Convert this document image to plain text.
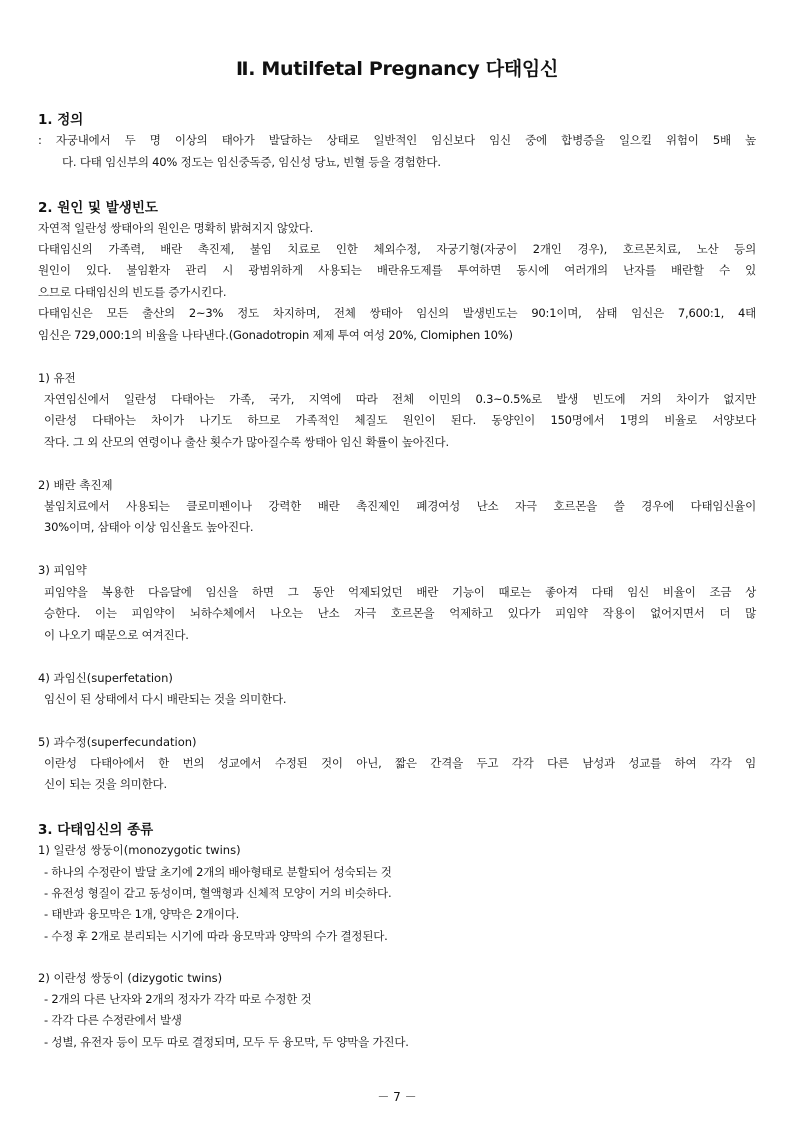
Ⅱ. Mutilfetal Pregnancy 다태임신
1. 정의
: 자궁내에서 두 명 이상의 태아가 발달하는 상태로 일반적인 임신보다 임신 중에 합병증을 일으킬 위험이 5배 높
다. 다태 임신부의 40% 정도는 임신중독증, 임신성 당뇨, 빈혈 등을 경험한다.
2. 원인 및 발생빈도
자연적 일란성 쌍태아의 원인은 명확히 밝혀지지 않았다.
다태임신의 가족력, 배란 촉진제, 불임 치료로 인한 체외수정, 자궁기형(자궁이 2개인 경우), 호르몬치료, 노산 등의
원인이 있다. 불임환자 관리 시 광범위하게 사용되는 배란유도제를 투여하면 동시에 여러개의 난자를 배란할 수 있
으므로 다태임신의 빈도를 증가시킨다.
다태임신은 모든 출산의 2~3% 정도 차지하며, 전체 쌍태아 임신의 발생빈도는 90:1이며, 삼태 임신은 7,600:1, 4태
임신은 729,000:1의 비율을 나타낸다.(Gonadotropin 제제 투여 여성 20%, Clomiphen 10%)
1) 유전
자연임신에서 일란성 다태아는 가족, 국가, 지역에 따라 전체 이민의 0.3~0.5%로 발생 빈도에 거의 차이가 없지만
이란성 다태아는 차이가 나기도 하므로 가족적인 체질도 원인이 된다. 동양인이 150명에서 1명의 비율로 서양보다
작다. 그 외 산모의 연령이나 출산 횟수가 많아질수록 쌍태아 임신 확률이 높아진다.
2) 배란 촉진제
불임치료에서 사용되는 클로미펜이나 강력한 배란 촉진제인 폐경여성 난소 자극 호르몬을 쓸 경우에 다태임신율이
30%이며, 삼태아 이상 임신율도 높아진다.
3) 피임약
피임약을 복용한 다음달에 임신을 하면 그 동안 억제되었던 배란 기능이 때로는 좋아져 다태 임신 비율이 조금 상
승한다. 이는 피임약이 뇌하수체에서 나오는 난소 자극 호르몬을 억제하고 있다가 피임약 작용이 없어지면서 더 많
이 나오기 때문으로 여겨진다.
4) 과임신(superfetation)
임신이 된 상태에서 다시 배란되는 것을 의미한다.
5) 과수정(superfecundation)
이란성 다태아에서 한 번의 성교에서 수정된 것이 아닌, 짧은 간격을 두고 각각 다른 남성과 성교를 하여 각각 임
신이 되는 것을 의미한다.
3. 다태임신의 종류
1) 일란성 쌍둥이(monozygotic twins)
- 하나의 수정란이 발달 초기에 2개의 배아형태로 분할되어 성숙되는 것
- 유전성 형질이 같고 동성이며, 혈액형과 신체적 모양이 거의 비슷하다.
- 태반과 융모막은 1개, 양막은 2개이다.
- 수정 후 2개로 분리되는 시기에 따라 융모막과 양막의 수가 결정된다.
2) 이란성 쌍둥이 (dizygotic twins)
- 2개의 다른 난자와 2개의 정자가 각각 따로 수정한 것
- 각각 다른 수정란에서 발생
- 성별, 유전자 등이 모두 따로 결정되며, 모두 두 융모막, 두 양막을 가진다.
－ 7 －
